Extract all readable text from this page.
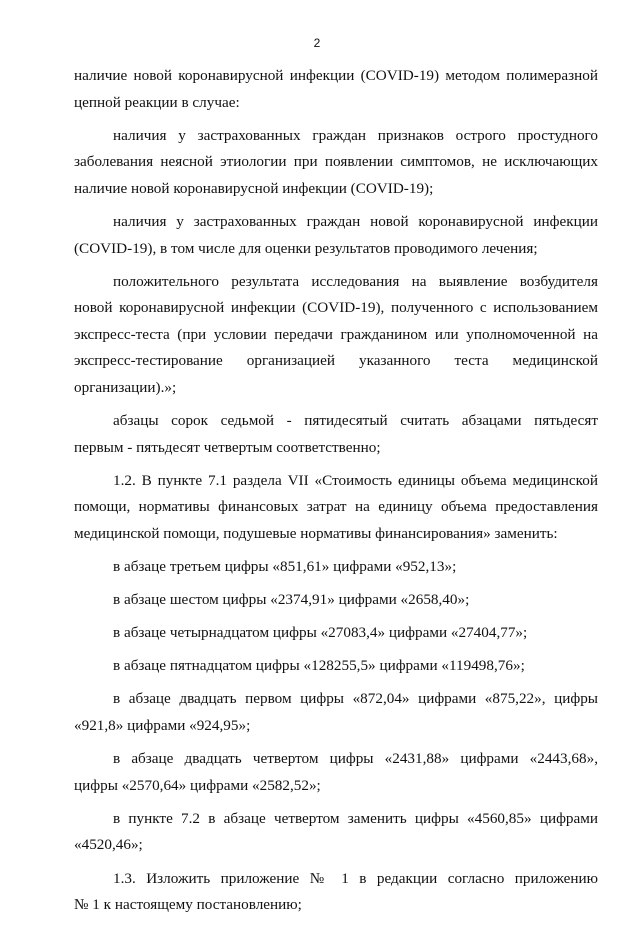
2
наличие новой коронавирусной инфекции (COVID-19) методом полимеразной
цепной реакции в случае:
наличия у застрахованных граждан признаков острого простудного
заболевания неясной этиологии при появлении симптомов, не исключающих
наличие новой коронавирусной инфекции (COVID-19);
наличия у застрахованных граждан новой коронавирусной инфекции
(COVID-19), в том числе для оценки результатов проводимого лечения;
положительного результата исследования на выявление возбудителя
новой коронавирусной инфекции (COVID-19), полученного с использованием
экспресс-теста (при условии передачи гражданином или уполномоченной на
экспресс-тестирование организацией указанного теста медицинской
организации).»;
абзацы сорок седьмой - пятидесятый считать абзацами пятьдесят
первым - пятьдесят четвертым соответственно;
1.2. В пункте 7.1 раздела VII «Стоимость единицы объема медицинской
помощи, нормативы финансовых затрат на единицу объема предоставления
медицинской помощи, подушевые нормативы финансирования» заменить:
в абзаце третьем цифры «851,61» цифрами «952,13»;
в абзаце шестом цифры «2374,91» цифрами «2658,40»;
в абзаце четырнадцатом цифры «27083,4» цифрами «27404,77»;
в абзаце пятнадцатом цифры «128255,5» цифрами «119498,76»;
в абзаце двадцать первом цифры «872,04» цифрами «875,22», цифры
«921,8» цифрами «924,95»;
в абзаце двадцать четвертом цифры «2431,88» цифрами «2443,68»,
цифры «2570,64» цифрами «2582,52»;
в пункте 7.2 в абзаце четвертом заменить цифры «4560,85» цифрами
«4520,46»;
1.3. Изложить приложение № 1 в редакции согласно приложению
№ 1 к настоящему постановлению;
